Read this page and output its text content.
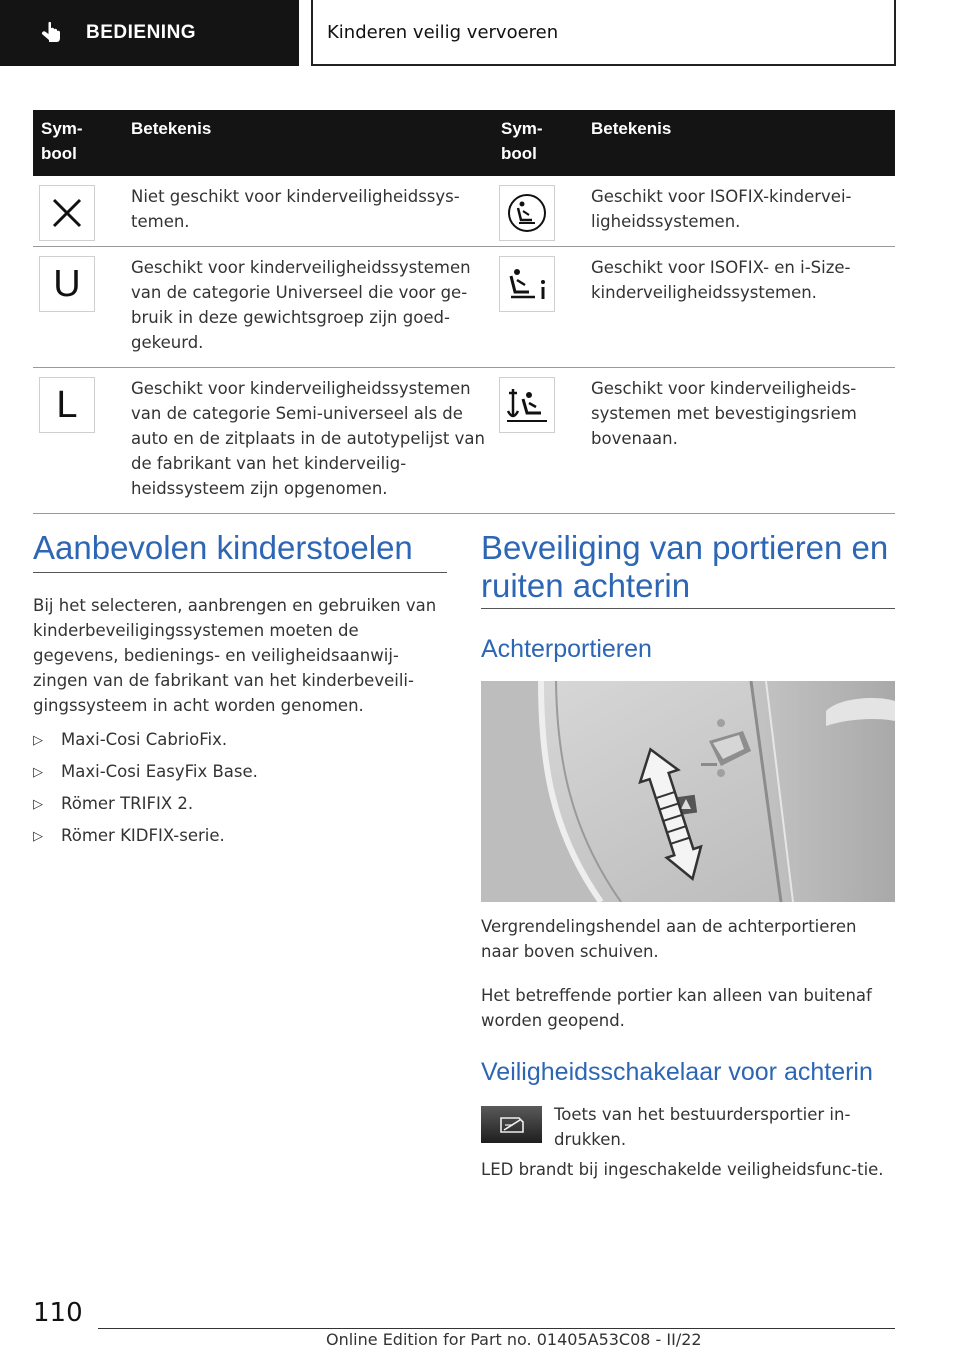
BEDIENING	Kinderen veilig vervoeren
Sym-bool	Betekenis	Sym-bool	Betekenis

	Niet geschikt voor kinderveiligheidssys-temen.		Geschikt voor ISOFIX-kindervei-ligheidssystemen.

U	Geschikt voor kinderveiligheidssystemen van de categorie Universeel die voor ge-bruik in deze gewichtsgroep zijn goed-gekeurd.		Geschikt voor ISOFIX- en i-Size-kinderveiligheidssystemen.

L	Geschikt voor kinderveiligheidssystemen van de categorie Semi-universeel als de auto en de zitplaats in de autotypelijst van de fabrikant van het kinderveilig-heidssysteem zijn opgenomen.		Geschikt voor kinderveiligheids-systemen met bevestigingsriem bovenaan.
Aanbevolen kinderstoelen
Bij het selecteren, aanbrengen en gebruiken van kinderbeveiligingssystemen moeten de gegevens, bedienings- en veiligheidsaanwij-zingen van de fabrikant van het kinderbeveili-gingssysteem in acht worden genomen.
▷ Maxi-Cosi CabrioFix.
▷ Maxi-Cosi EasyFix Base.
▷ Römer TRIFIX 2.
▷ Römer KIDFIX-serie.
Beveiliging van portieren en ruiten achterin
Achterportieren
Vergrendelingshendel aan de achterportieren naar boven schuiven.
Het betreffende portier kan alleen van buitenaf worden geopend.
Veiligheidsschakelaar voor achterin
Toets van het bestuurdersportier in-drukken.
LED brandt bij ingeschakelde veiligheidsfunc-tie.
110
Online Edition for Part no. 01405A53C08 - II/22
